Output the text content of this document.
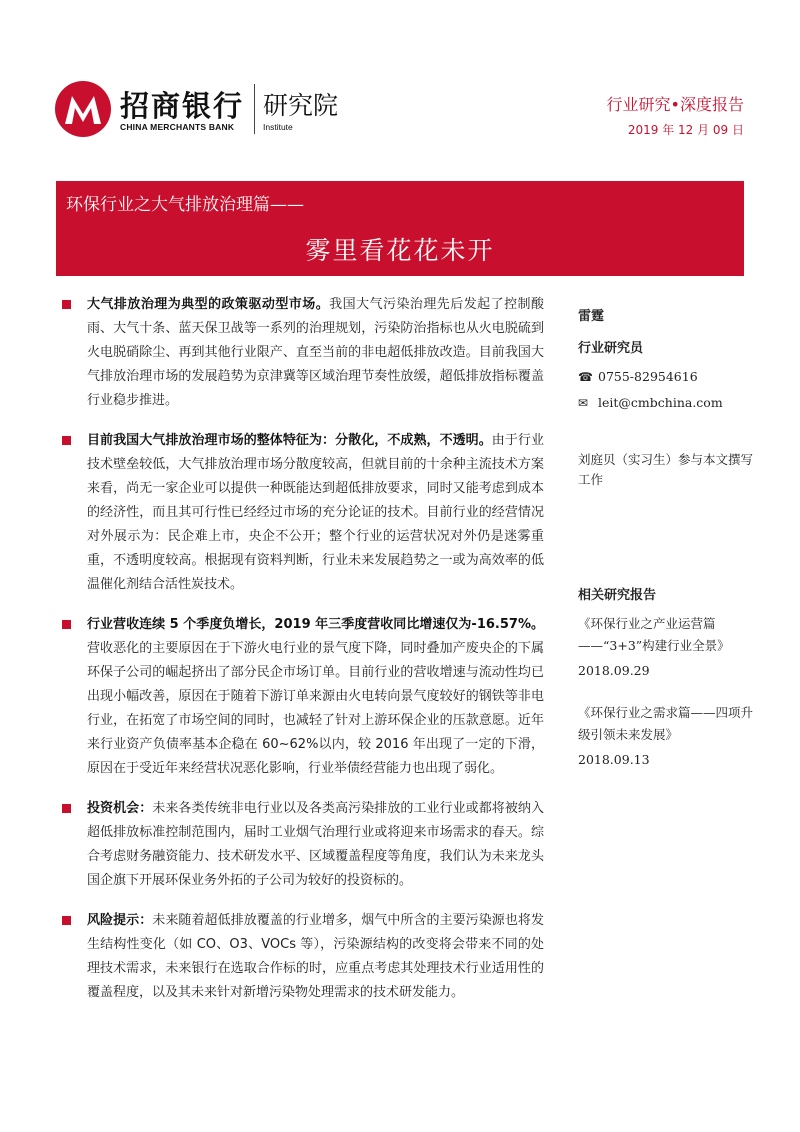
招商银行
CHINA MERCHANTS BANK
研究院
Institute
行业研究•深度报告
2019 年 12 月 09 日
环保行业之大气排放治理篇——
雾里看花花未开
大气排放治理为典型的政策驱动型市场。我国大气污染治理先后发起了控制酸雨、大气十条、蓝天保卫战等一系列的治理规划，污染防治指标也从火电脱硫到火电脱硝除尘、再到其他行业限产、直至当前的非电超低排放改造。目前我国大气排放治理市场的发展趋势为京津冀等区域治理节奏性放缓，超低排放指标覆盖行业稳步推进。
目前我国大气排放治理市场的整体特征为：分散化，不成熟，不透明。由于行业技术壁垒较低，大气排放治理市场分散度较高，但就目前的十余种主流技术方案来看，尚无一家企业可以提供一种既能达到超低排放要求，同时又能考虑到成本的经济性，而且其可行性已经经过市场的充分论证的技术。目前行业的经营情况对外展示为：民企难上市，央企不公开；整个行业的运营状况对外仍是迷雾重重，不透明度较高。根据现有资料判断，行业未来发展趋势之一或为高效率的低温催化剂结合活性炭技术。
行业营收连续 5 个季度负增长，2019 年三季度营收同比增速仅为-16.57%。营收恶化的主要原因在于下游火电行业的景气度下降，同时叠加产废央企的下属环保子公司的崛起挤出了部分民企市场订单。目前行业的营收增速与流动性均已出现小幅改善，原因在于随着下游订单来源由火电转向景气度较好的钢铁等非电行业，在拓宽了市场空间的同时，也减轻了针对上游环保企业的压款意愿。近年来行业资产负债率基本企稳在 60~62%以内，较 2016 年出现了一定的下滑，原因在于受近年来经营状况恶化影响，行业举债经营能力也出现了弱化。
投资机会：未来各类传统非电行业以及各类高污染排放的工业行业或都将被纳入超低排放标准控制范围内，届时工业烟气治理行业或将迎来市场需求的春天。综合考虑财务融资能力、技术研发水平、区域覆盖程度等角度，我们认为未来龙头国企旗下开展环保业务外拓的子公司为较好的投资标的。
风险提示：未来随着超低排放覆盖的行业增多，烟气中所含的主要污染源也将发生结构性变化（如 CO、O3、VOCs 等），污染源结构的改变将会带来不同的处理技术需求，未来银行在选取合作标的时，应重点考虑其处理技术行业适用性的覆盖程度，以及其未来针对新增污染物处理需求的技术研发能力。
雷霆
行业研究员
☎ 0755-82954616
✉ leit@cmbchina.com
刘庭贝（实习生）参与本文撰写工作
相关研究报告
《环保行业之产业运营篇——“3+3”构建行业全景》
2018.09.29
《环保行业之需求篇——四项升级引领未来发展》
2018.09.13
